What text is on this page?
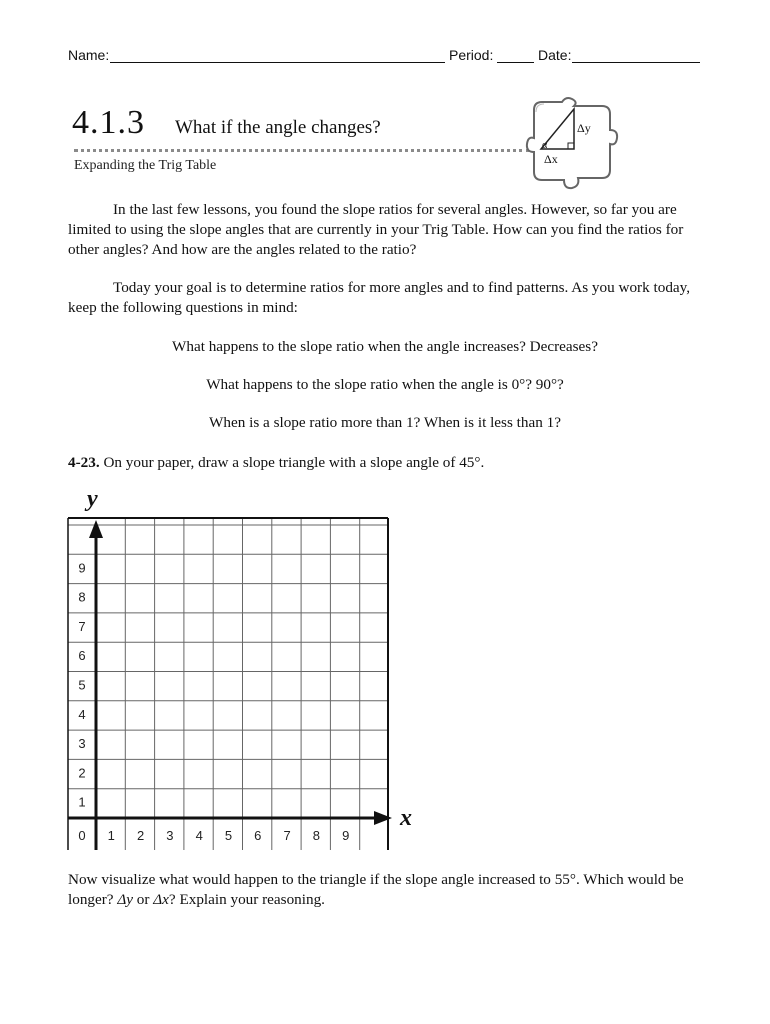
Name:	Period:	Date:
4.1.3 What if the angle changes?
Expanding the Trig Table
α
Δy
Δx

In the last few lessons, you found the slope ratios for several angles. However, so far you are limited to using the slope angles that are currently in your Trig Table. How can you find the ratios for other angles? And how are the angles related to the ratio?

Today your goal is to determine ratios for more angles and to find patterns. As you work today, keep the following questions in mind:

What happens to the slope ratio when the angle increases? Decreases?
What happens to the slope ratio when the angle is 0°? 90°?
When is a slope ratio more than 1? When is it less than 1?
4-23. On your paper, draw a slope triangle with a slope angle of 45°.
y
x
0 1 2 3 4 5 6 7 8 9
1
2
3
4
5
6
7
8
9

Now visualize what would happen to the triangle if the slope angle increased to 55°. Which would be longer? Δy or Δx? Explain your reasoning.
